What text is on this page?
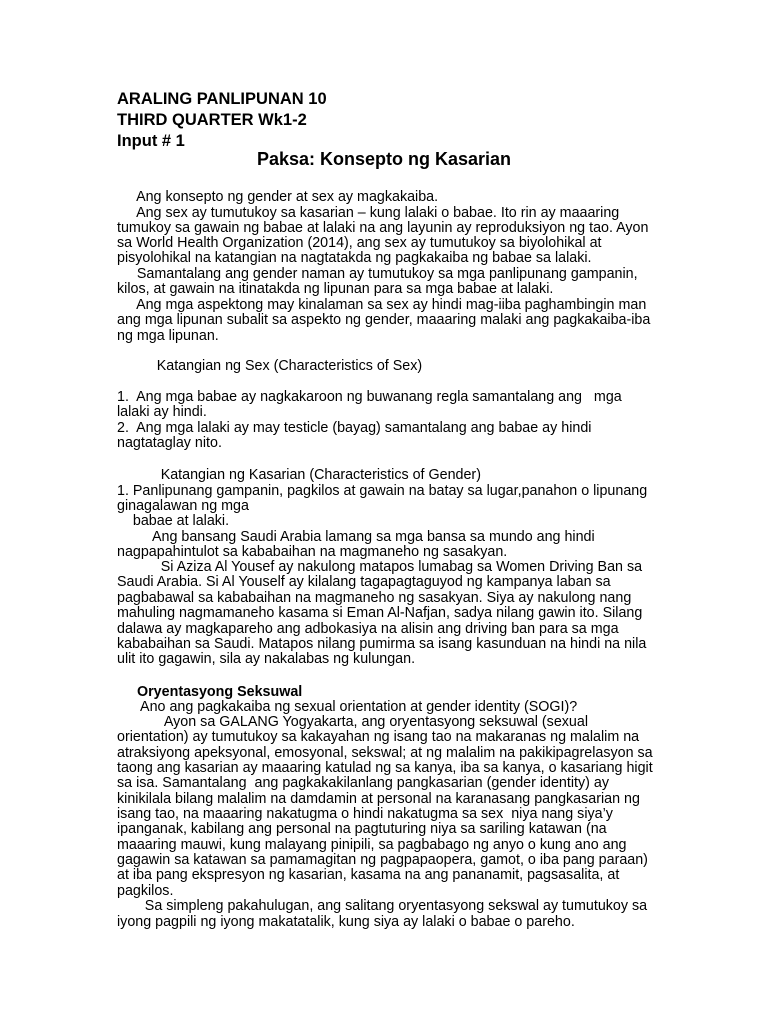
ARALING PANLIPUNAN 10
THIRD QUARTER Wk1-2
Input # 1
Paksa: Konsepto ng Kasarian
Ang konsepto ng gender at sex ay magkakaiba.
Ang sex ay tumutukoy sa kasarian – kung lalaki o babae. Ito rin ay maaaring
tumukoy sa gawain ng babae at lalaki na ang layunin ay reproduksiyon ng tao. Ayon
sa World Health Organization (2014), ang sex ay tumutukoy sa biyolohikal at
pisyolohikal na katangian na nagtatakda ng pagkakaiba ng babae sa lalaki.
Samantalang ang gender naman ay tumutukoy sa mga panlipunang gampanin,
kilos, at gawain na itinatakda ng lipunan para sa mga babae at lalaki.
Ang mga aspektong may kinalaman sa sex ay hindi mag-iiba paghambingin man
ang mga lipunan subalit sa aspekto ng gender, maaaring malaki ang pagkakaiba-iba
ng mga lipunan.
Katangian ng Sex (Characteristics of Sex)
1.  Ang mga babae ay nagkakaroon ng buwanang regla samantalang ang   mga
lalaki ay hindi.
2.  Ang mga lalaki ay may testicle (bayag) samantalang ang babae ay hindi
nagtataglay nito.
Katangian ng Kasarian (Characteristics of Gender)
1. Panlipunang gampanin, pagkilos at gawain na batay sa lugar,panahon o lipunang
ginagalawan ng mga
babae at lalaki.
Ang bansang Saudi Arabia lamang sa mga bansa sa mundo ang hindi
nagpapahintulot sa kababaihan na magmaneho ng sasakyan.
Si Aziza Al Yousef ay nakulong matapos lumabag sa Women Driving Ban sa
Saudi Arabia. Si Al Youself ay kilalang tagapagtaguyod ng kampanya laban sa
pagbabawal sa kababaihan na magmaneho ng sasakyan. Siya ay nakulong nang
mahuling nagmamaneho kasama si Eman Al-Nafjan, sadya nilang gawin ito. Silang
dalawa ay magkapareho ang adbokasiya na alisin ang driving ban para sa mga
kababaihan sa Saudi. Matapos nilang pumirma sa isang kasunduan na hindi na nila
ulit ito gagawin, sila ay nakalabas ng kulungan.
Oryentasyong Seksuwal
Ano ang pagkakaiba ng sexual orientation at gender identity (SOGI)?
Ayon sa GALANG Yogyakarta, ang oryentasyong seksuwal (sexual
orientation) ay tumutukoy sa kakayahan ng isang tao na makaranas ng malalim na
atraksiyong apeksyonal, emosyonal, sekswal; at ng malalim na pakikipagrelasyon sa
taong ang kasarian ay maaaring katulad ng sa kanya, iba sa kanya, o kasariang higit
sa isa. Samantalang  ang pagkakakilanlang pangkasarian (gender identity) ay
kinikilala bilang malalim na damdamin at personal na karanasang pangkasarian ng
isang tao, na maaaring nakatugma o hindi nakatugma sa sex  niya nang siya’y
ipanganak, kabilang ang personal na pagtuturing niya sa sariling katawan (na
maaaring mauwi, kung malayang pinipili, sa pagbabago ng anyo o kung ano ang
gagawin sa katawan sa pamamagitan ng pagpapaopera, gamot, o iba pang paraan)
at iba pang ekspresyon ng kasarian, kasama na ang pananamit, pagsasalita, at
pagkilos.
Sa simpleng pakahulugan, ang salitang oryentasyong sekswal ay tumutukoy sa
iyong pagpili ng iyong makatatalik, kung siya ay lalaki o babae o pareho.
